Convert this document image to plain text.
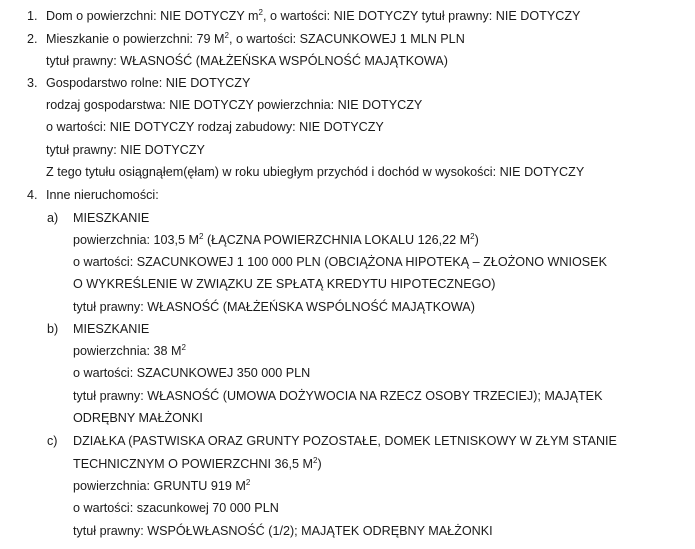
1. Dom o powierzchni: NIE DOTYCZY $m^2$, o wartości: NIE DOTYCZY tytuł prawny: NIE DOTYCZY
2. Mieszkanie o powierzchni: 79 $M^2$, o wartości: SZACUNKOWEJ 1 MLN PLN
tytuł prawny: WŁASNOŚĆ (MAŁŻEŃSKA WSPÓLNOŚĆ MAJĄTKOWA)
3. Gospodarstwo rolne: NIE DOTYCZY
rodzaj gospodarstwa: NIE DOTYCZY powierzchnia: NIE DOTYCZY
o wartości: NIE DOTYCZY rodzaj zabudowy: NIE DOTYCZY
tytuł prawny: NIE DOTYCZY
Z tego tytułu osiągnąłem(ęłam) w roku ubiegłym przychód i dochód w wysokości: NIE DOTYCZY
4. Inne nieruchomości:
a) MIESZKANIE
powierzchnia: 103,5 $M^2$ (ŁĄCZNA POWIERZCHNIA LOKALU 126,22 $M^2$)
o wartości: SZACUNKOWEJ 1 100 000 PLN (OBCIĄŻONA HIPOTEKĄ – ZŁOŻONO WNIOSEK
O WYKREŚLENIE W ZWIĄZKU ZE SPŁATĄ KREDYTU HIPOTECZNEGO)
tytuł prawny: WŁASNOŚĆ (MAŁŻEŃSKA WSPÓLNOŚĆ MAJĄTKOWA)
b) MIESZKANIE
powierzchnia: 38 $M^2$
o wartości: SZACUNKOWEJ 350 000 PLN
tytuł prawny: WŁASNOŚĆ (UMOWA DOŻYWOCIA NA RZECZ OSOBY TRZECIEJ); MAJĄTEK
ODRĘBNY MAŁŻONKI
c) DZIAŁKA (PASTWISKA ORAZ GRUNTY POZOSTAŁE, DOMEK LETNISKOWY W ZŁYM STANIE
TECHNICZNYM O POWIERZCHNI 36,5 $M^2$)
powierzchnia: GRUNTU 919 $M^2$
o wartości: szacunkowej 70 000 PLN
tytuł prawny: WSPÓŁWŁASNOŚĆ (1/2); MAJĄTEK ODRĘBNY MAŁŻONKI
